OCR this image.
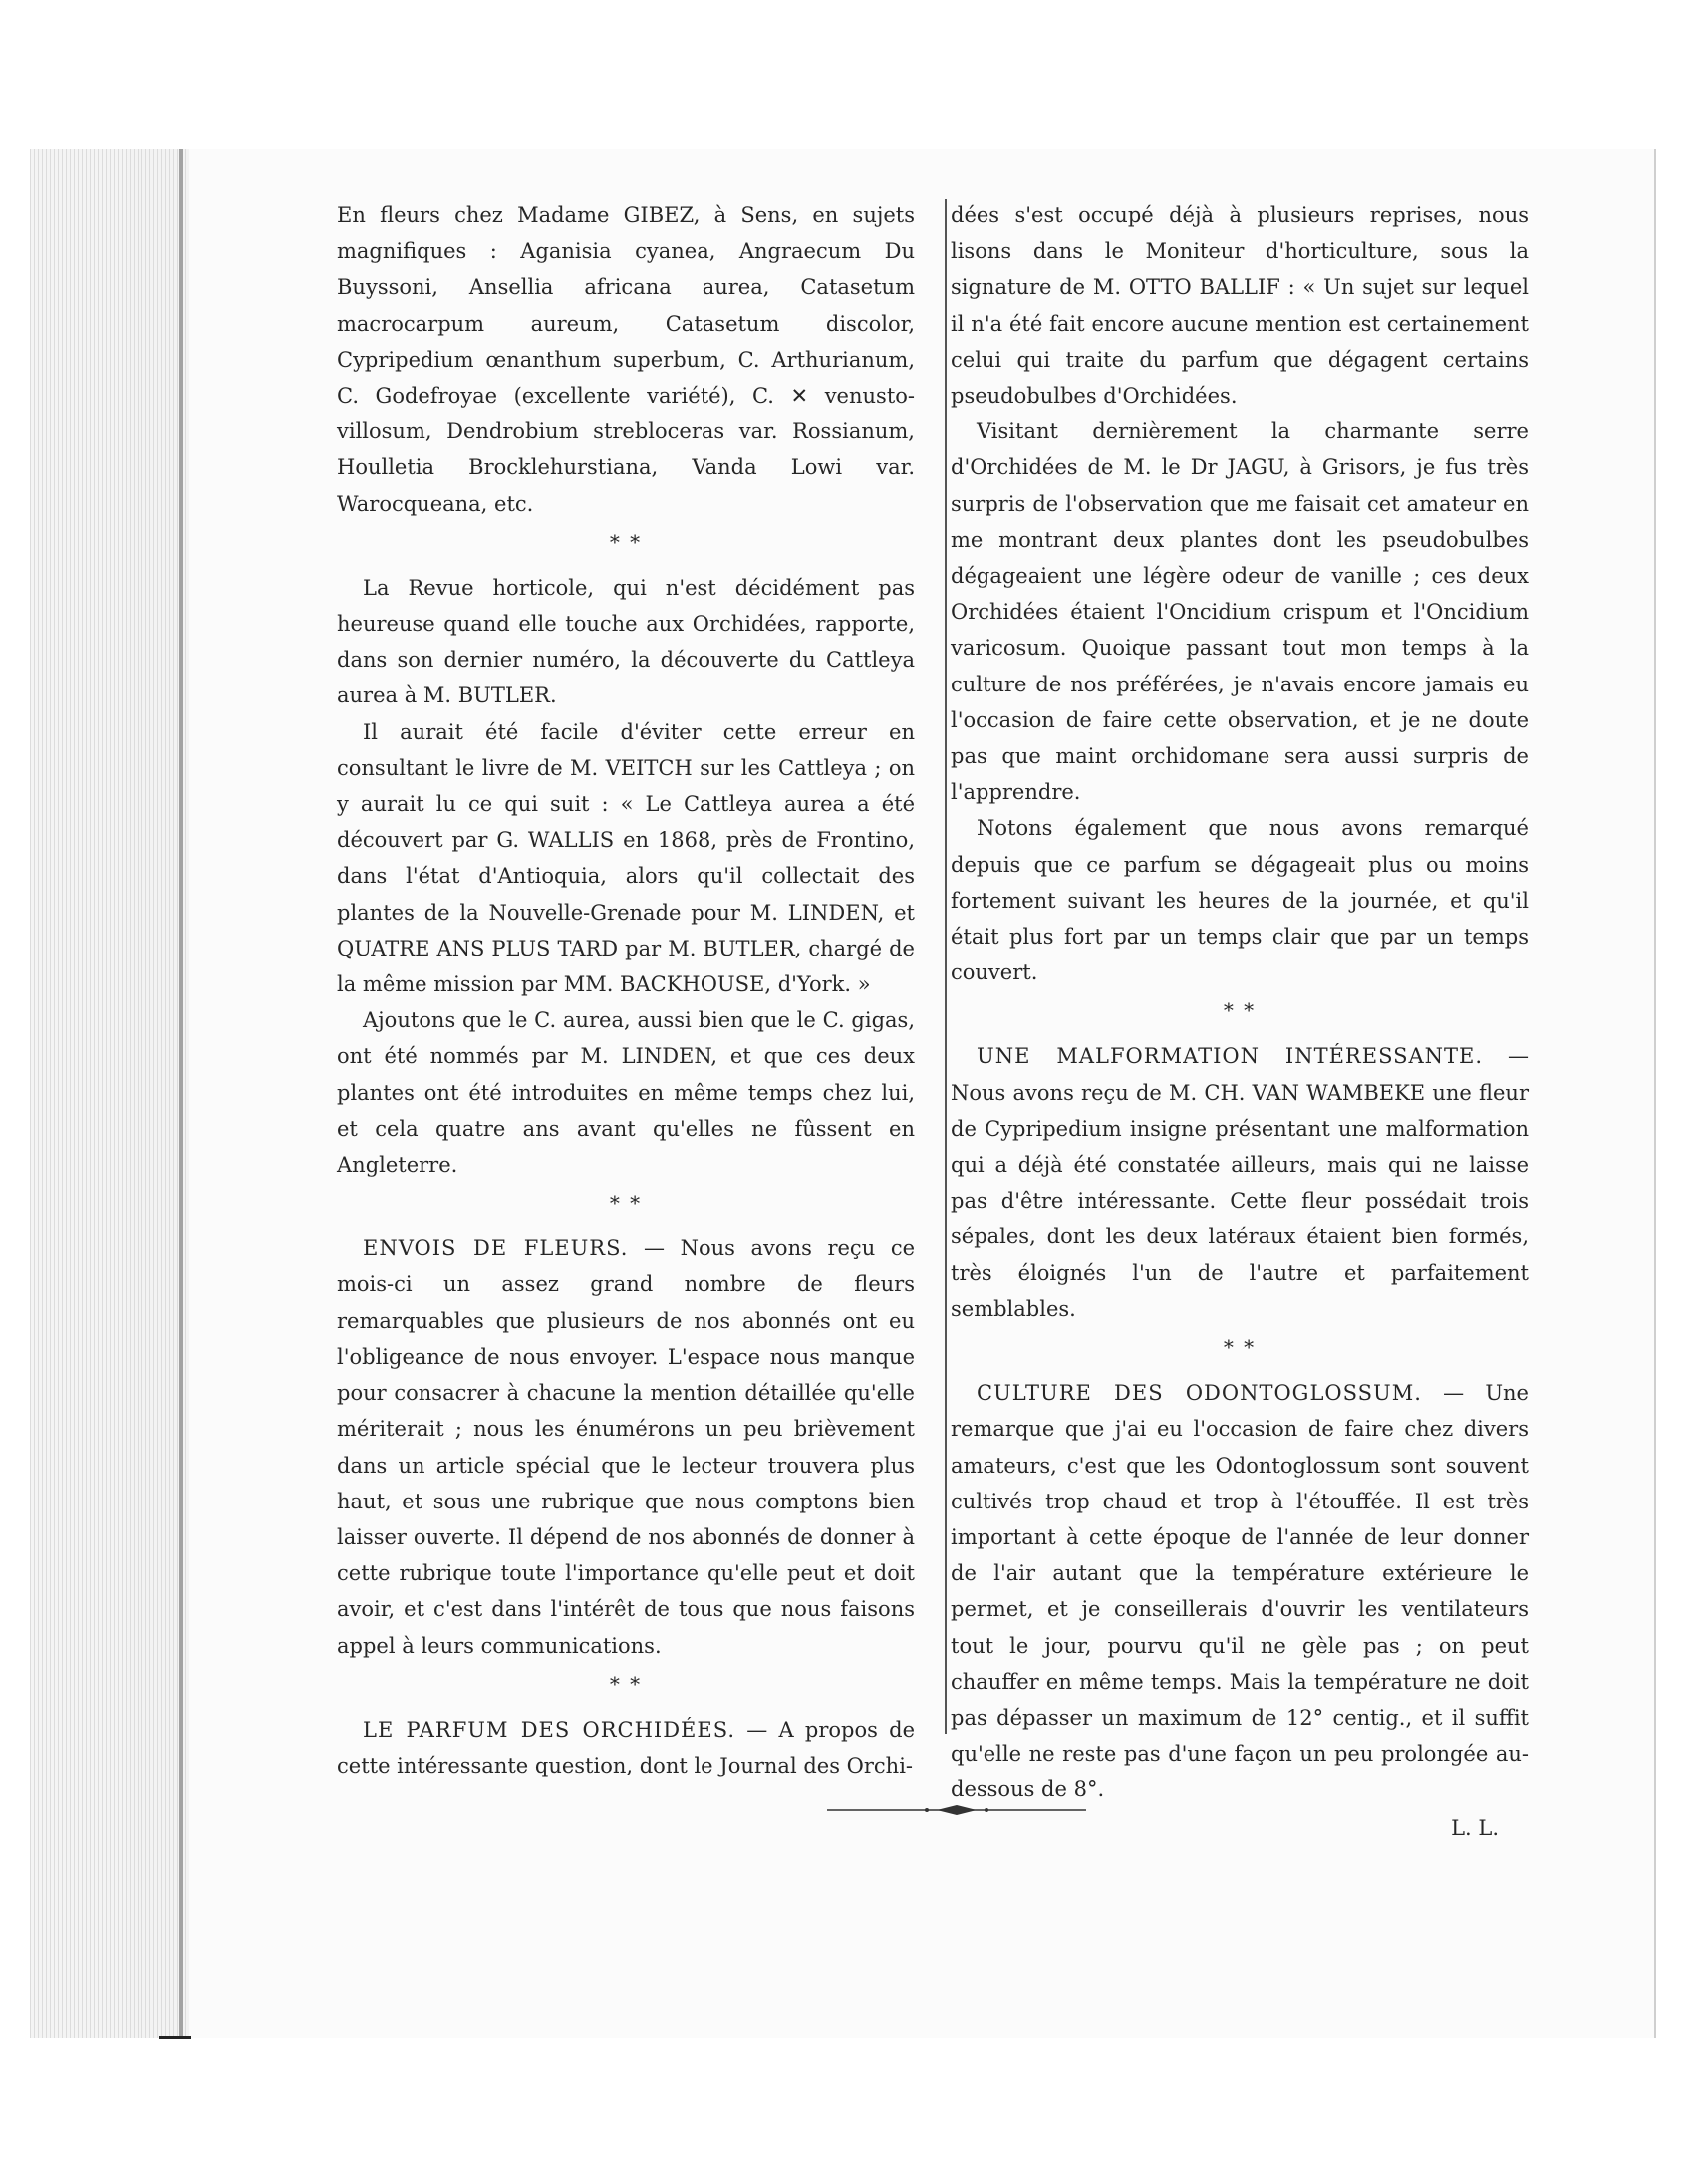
En fleurs chez Madame GIBEZ, à Sens, en sujets magnifiques : Aganisia cyanea, Angraecum Du Buyssoni, Ansellia africana aurea, Catasetum macrocarpum aureum, Catasetum discolor, Cypripedium œnanthum superbum, C. Arthurianum, C. Godefroyae (excellente variété), C. ✕ venusto-villosum, Dendrobium strebloceras var. Rossianum, Houlletia Brocklehurstiana, Vanda Lowi var. Warocqueana, etc.

* *

La Revue horticole, qui n'est décidément pas heureuse quand elle touche aux Orchidées, rapporte, dans son dernier numéro, la découverte du Cattleya aurea à M. BUTLER.

Il aurait été facile d'éviter cette erreur en consultant le livre de M. VEITCH sur les Cattleya ; on y aurait lu ce qui suit : « Le Cattleya aurea a été découvert par G. WALLIS en 1868, près de Frontino, dans l'état d'Antioquia, alors qu'il collectait des plantes de la Nouvelle-Grenade pour M. LINDEN, et QUATRE ANS PLUS TARD par M. BUTLER, chargé de la même mission par MM. BACKHOUSE, d'York. »

Ajoutons que le C. aurea, aussi bien que le C. gigas, ont été nommés par M. LINDEN, et que ces deux plantes ont été introduites en même temps chez lui, et cela quatre ans avant qu'elles ne fûssent en Angleterre.

* *

ENVOIS DE FLEURS. — Nous avons reçu ce mois-ci un assez grand nombre de fleurs remarquables que plusieurs de nos abonnés ont eu l'obligeance de nous envoyer. L'espace nous manque pour consacrer à chacune la mention détaillée qu'elle mériterait ; nous les énumérons un peu brièvement dans un article spécial que le lecteur trouvera plus haut, et sous une rubrique que nous comptons bien laisser ouverte. Il dépend de nos abonnés de donner à cette rubrique toute l'importance qu'elle peut et doit avoir, et c'est dans l'intérêt de tous que nous faisons appel à leurs communications.

* *

LE PARFUM DES ORCHIDÉES. — A propos de cette intéressante question, dont le Journal des Orchi-

dées s'est occupé déjà à plusieurs reprises, nous lisons dans le Moniteur d'horticulture, sous la signature de M. OTTO BALLIF : « Un sujet sur lequel il n'a été fait encore aucune mention est certainement celui qui traite du parfum que dégagent certains pseudobulbes d'Orchidées.

Visitant dernièrement la charmante serre d'Orchidées de M. le Dr JAGU, à Grisors, je fus très surpris de l'observation que me faisait cet amateur en me montrant deux plantes dont les pseudobulbes dégageaient une légère odeur de vanille ; ces deux Orchidées étaient l'Oncidium crispum et l'Oncidium varicosum. Quoique passant tout mon temps à la culture de nos préférées, je n'avais encore jamais eu l'occasion de faire cette observation, et je ne doute pas que maint orchidomane sera aussi surpris de l'apprendre.

Notons également que nous avons remarqué depuis que ce parfum se dégageait plus ou moins fortement suivant les heures de la journée, et qu'il était plus fort par un temps clair que par un temps couvert.

* *

UNE MALFORMATION INTÉRESSANTE. — Nous avons reçu de M. CH. VAN WAMBEKE une fleur de Cypripedium insigne présentant une malformation qui a déjà été constatée ailleurs, mais qui ne laisse pas d'être intéressante. Cette fleur possédait trois sépales, dont les deux latéraux étaient bien formés, très éloignés l'un de l'autre et parfaitement semblables.

* *

CULTURE DES ODONTOGLOSSUM. — Une remarque que j'ai eu l'occasion de faire chez divers amateurs, c'est que les Odontoglossum sont souvent cultivés trop chaud et trop à l'étouffée. Il est très important à cette époque de l'année de leur donner de l'air autant que la température extérieure le permet, et je conseillerais d'ouvrir les ventilateurs tout le jour, pourvu qu'il ne gèle pas ; on peut chauffer en même temps. Mais la température ne doit pas dépasser un maximum de 12° centig., et il suffit qu'elle ne reste pas d'une façon un peu prolongée au-dessous de 8°.

L. L.
